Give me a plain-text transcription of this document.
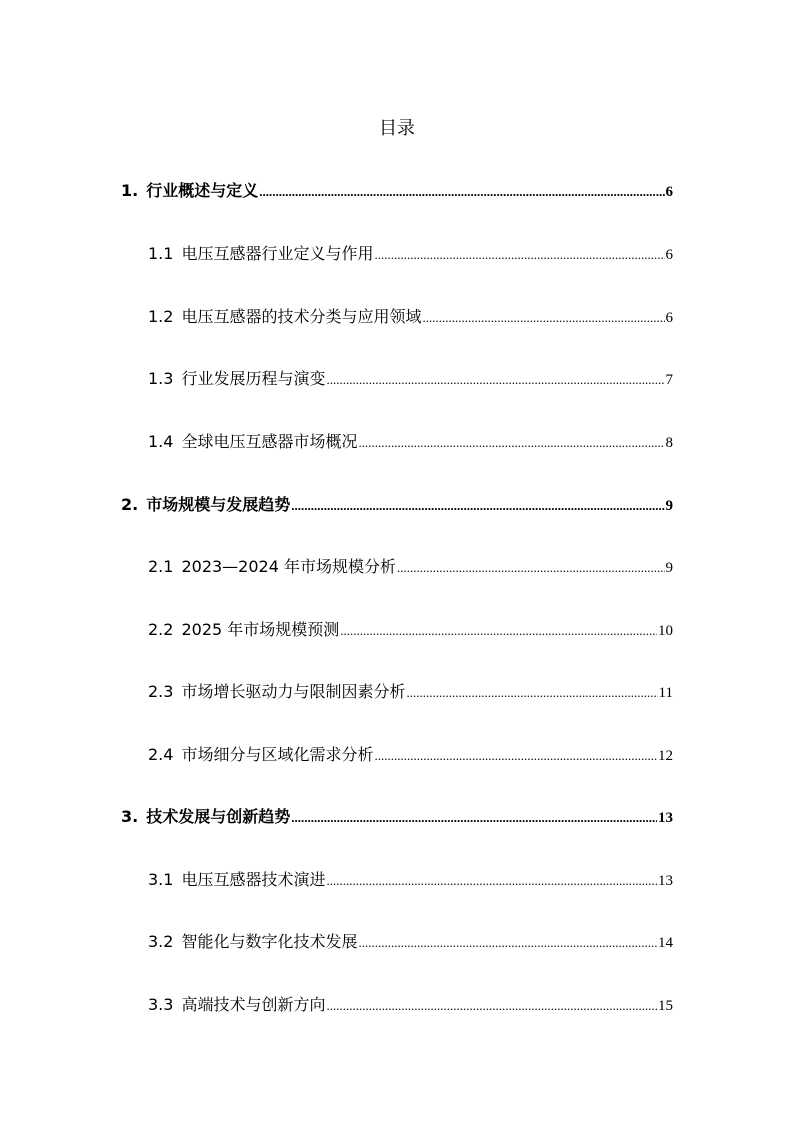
目录
1. 行业概述与定义 .....	6
1.1 电压互感器行业定义与作用 .....	6
1.2 电压互感器的技术分类与应用领域 .....	6
1.3 行业发展历程与演变 .....	7
1.4 全球电压互感器市场概况 .....	8
2. 市场规模与发展趋势 .....	9
2.1 2023—2024 年市场规模分析 .....	9
2.2 2025 年市场规模预测 .....	10
2.3 市场增长驱动力与限制因素分析 .....	11
2.4 市场细分与区域化需求分析 .....	12
3. 技术发展与创新趋势 .....	13
3.1 电压互感器技术演进 .....	13
3.2 智能化与数字化技术发展 .....	14
3.3 高端技术与创新方向 .....	15
